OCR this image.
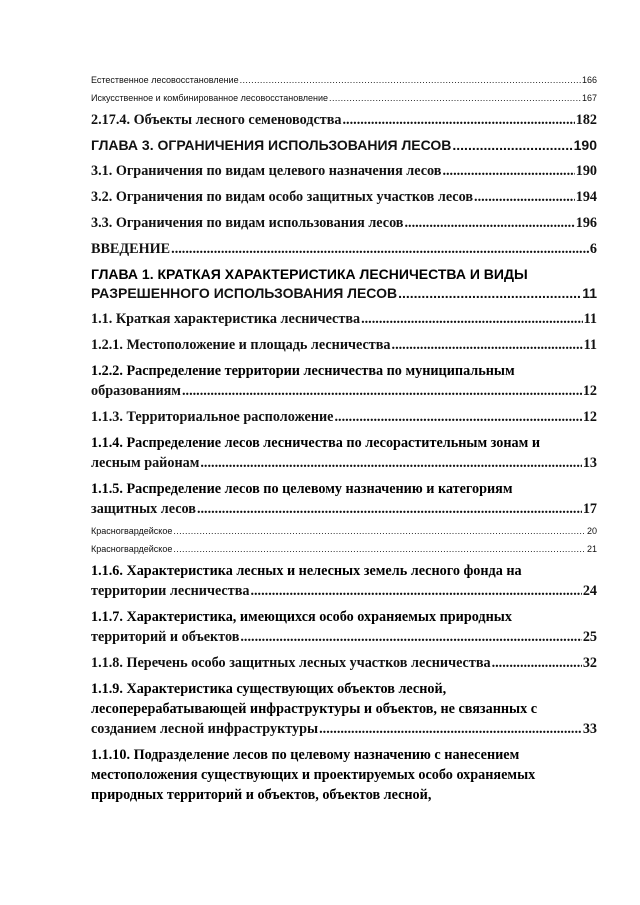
Естественное лесовосстановление .....	166
Искусственное и комбинированное лесовосстановление .....	167
2.17.4. Объекты лесного семеноводства .....	182
ГЛАВА 3. ОГРАНИЧЕНИЯ ИСПОЛЬЗОВАНИЯ ЛЕСОВ .....	190
3.1. Ограничения по видам целевого назначения лесов .....	190
3.2. Ограничения по видам особо защитных участков лесов .....	194
3.3. Ограничения по видам использования лесов .....	196
ВВЕДЕНИЕ .....	6
ГЛАВА 1. КРАТКАЯ ХАРАКТЕРИСТИКА ЛЕСНИЧЕСТВА И ВИДЫ
РАЗРЕШЕННОГО ИСПОЛЬЗОВАНИЯ ЛЕСОВ .....	11
1.1. Краткая характеристика лесничества .....	11
1.2.1. Местоположение и площадь лесничества .....	11
1.2.2. Распределение территории лесничества по муниципальным
образованиям .....	12
1.1.3. Территориальное расположение .....	12
1.1.4. Распределение лесов лесничества по лесорастительным зонам и
лесным районам .....	13
1.1.5. Распределение лесов по целевому назначению и категориям
защитных лесов .....	17
Красногвардейское .....	20
Красногвардейское .....	21
1.1.6. Характеристика лесных и нелесных земель лесного фонда на
территории лесничества .....	24
1.1.7. Характеристика, имеющихся особо охраняемых природных
территорий и объектов .....	25
1.1.8. Перечень особо защитных лесных участков лесничества .....	32
1.1.9. Характеристика существующих объектов лесной,
лесоперерабатывающей инфраструктуры и объектов, не связанных с
созданием лесной инфраструктуры .....	33
1.1.10. Подразделение лесов по целевому назначению с нанесением
местоположения существующих и проектируемых особо охраняемых
природных территорий и объектов, объектов лесной,
